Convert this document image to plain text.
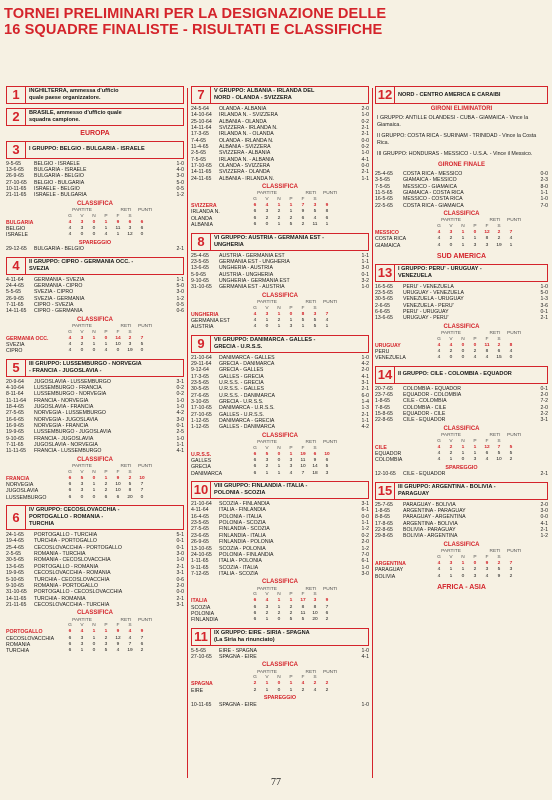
TORNEI PRELIMINARI PER LA DESIGNAZIONE DELLE
16 SQUADRE FINALISTE - RISULTATI E CLASSIFICHE
1	INGHILTERRA, ammessa d'ufficio
quale paese organizzatore.
2	BRASILE, ammesso d'ufficio quale
squadra campione.
EUROPA
3	I GRUPPO: BELGIO - BULGARIA - ISRAELE
9-5-65	BELGIO - ISRAELE	1-0
13-6-65	BULGARIA - ISRAELE	4-0
26-9-65	BULGARIA - BELGIO	3-0
27-10-65	BELGIO - BULGARIA	5-0
10-11-65	ISRAELE - BELGIO	0-5
21-11-65	ISRAELE - BULGARIA	1-2
CLASSIFICA
PARTITE	RETI	PUNTI
G	V	N	P	F	S
BULGARIA	4	3	0	1	9	6	6
BELGIO	4	3	0	1	11	3	6
ISRAELE	4	0	0	4	1	12	0
SPAREGGIO
29-12-65	BULGARIA - BELGIO	2-1
4	II GRUPPO: CIPRO - GERMANIA OCC. -
SVEZIA
4-11-64	GERMANIA - SVEZIA	1-1
24-4-65	GERMANIA - CIPRO	5-0
5-5-65	SVEZIA - CIPRO	3-0
26-9-65	SVEZIA - GERMANIA	1-2
7-11-65	CIPRO - SVEZIA	0-5
14-11-65	CIPRO - GERMANIA	0-6
CLASSIFICA
PARTITE	RETI	PUNTI
G	V	N	P	F	S
GERMANIA OCC.	4	3	1	0	14	2	7
SVEZIA	4	2	1	1	10	3	5
CIPRO	4	0	0	4	0	19	0
5	III GRUPPO: LUSSEMBURGO - NORVEGIA
- FRANCIA - JUGOSLAVIA -
20-9-64	JUGOSLAVIA - LUSSEMBURGO	3-1
4-10-64	LUSSEMBURGO - FRANCIA	0-2
8-11-64	LUSSEMBURGO - NORVEGIA	0-2
11-11-64	FRANCIA - NORVEGIA	1-0
18-4-65	JUGOSLAVIA - FRANCIA	1-0
27-5-65	NORVEGIA - LUSSEMBURGO	4-2
16-6-65	NORVEGIA - JUGOSLAVIA	3-0
16-9-65	NORVEGIA - FRANCIA	0-1
19-9-65	LUSSEMBURGO - JUGOSLAVIA	2-5
9-10-65	FRANCIA - JUGOSLAVIA	1-0
7-11-65	JUGOSLAVIA - NORVEGIA	1-1
11-11-65	FRANCIA - LUSSEMBURGO	4-1
CLASSIFICA
PARTITE	RETI	PUNTI
G	V	N	P	F	S
FRANCIA	6	5	0	1	9	2	10
NORVEGIA	6	3	1	2	10	5	7
JUGOSLAVIA	6	3	1	2	10	8	7
LUSSEMBURGO	6	0	0	6	6	20	0
6	IV GRUPPO: CECOSLOVACCHIA -
PORTOGALLO - ROMANIA -
TURCHIA
24-1-65	PORTOGALLO - TURCHIA	5-1
19-4-65	TURCHIA - PORTOGALLO	0-1
25-4-65	CECOSLOVACCHIA - PORTOGALLO	0-1
2-5-65	ROMANIA - TURCHIA	3-0
30-5-65	ROMANIA - CECOSLOVACCHIA	1-0
13-6-65	PORTOGALLO - ROMANIA	2-1
19-9-65	CECOSLOVACCHIA - ROMANIA	3-1
5-10-65	TURCHIA - CECOSLOVACCHIA	0-6
9-10-65	ROMANIA - PORTOGALLO	2-0
31-10-65	PORTOGALLO - CECOSLOVACCHIA	0-0
14-11-65	TURCHIA - ROMANIA	2-1
21-11-65	CECOSLOVACCHIA - TURCHIA	3-1
CLASSIFICA
PARTITE	RETI	PUNTI
G	V	N	P	F	S
PORTOGALLO	6	4	1	1	9	4	9
CECOSLOVACCHIA	6	3	1	2	12	4	7
ROMANIA	6	3	0	3	9	7	6
TURCHIA	6	1	0	5	4	19	2
7	V GRUPPO: ALBANIA - IRLANDA DEL
NORD - OLANDA - SVIZZERA
24-5-64	OLANDA - ALBANIA	2-0
14-10-64	IRLANDA N. - SVIZZERA	1-0
25-10-64	ALBANIA - OLANDA	0-2
14-11-64	SVIZZERA - IRLANDA N.	2-1
17-3-65	IRLANDA N. - OLANDA	2-1
7-4-65	OLANDA - IRLANDA N.	0-0
11-4-65	ALBANIA - SVIZZERA	0-2
2-5-65	SVIZZERA - ALBANIA	1-0
7-5-65	IRLANDA N. - ALBANIA	4-1
17-10-65	OLANDA - SVIZZERA	0-0
14-11-65	SVIZZERA - OLANDA	2-1
24-11-65	ALBANIA - IRLANDA N.	1-1
CLASSIFICA
PARTITE	RETI	PUNTI
G	V	N	P	F	S
SVIZZERA	6	4	1	1	7	3	9
IRLANDA N.	6	3	2	1	9	5	8
OLANDA	6	2	2	2	6	4	6
ALBANIA	6	0	1	5	2	11	1
8	VI GRUPPO: AUSTRIA - GERMANIA EST -
UNGHERIA
25-4-65	AUSTRIA - GERMANIA EST	1-1
23-5-65	GERMANIA EST - UNGHERIA	1-1
13-6-65	UNGHERIA - AUSTRIA	3-0
5-9-65	AUSTRIA - UNGHERIA	0-1
9-10-65	UNGHERIA - GERMANIA EST	3-2
31-10-65	GERMANIA EST - AUSTRIA	1-0
CLASSIFICA
PARTITE	RETI	PUNTI
G	V	N	P	F	S
UNGHERIA	4	3	1	0	8	3	7
GERMANIA EST	4	1	2	1	5	5	4
AUSTRIA	4	0	1	3	1	5	1
9	VII GRUPPO: DANIMARCA - GALLES -
GRECIA - U.R.S.S.
21-10-64	DANIMARCA - GALLES	1-0
29-11-64	GRECIA - DANIMARCA	4-2
9-12-64	GRECIA - GALLES	2-0
17-3-65	GALLES - GRECIA	4-1
23-5-65	U.R.S.S. - GRECIA	3-1
30-5-65	U.R.S.S. - GALLES	2-1
27-6-65	U.R.S.S. - DANIMARCA	6-0
3-10-65	GRECIA - U.R.S.S.	1-4
17-10-65	DANIMARCA - U.R.S.S.	1-3
27-10-65	GALLES - U.R.S.S.	2-1
1-12-65	DANIMARCA - GRECIA	1-1
1-12-65	GALLES - DANIMARCA	4-2
CLASSIFICA
PARTITE	RETI	PUNTI
G	V	N	P	F	S
U.R.S.S.	6	5	0	1	19	6	10
GALLES	6	3	0	3	11	9	6
GRECIA	6	2	1	3	10	14	5
DANIMARCA	6	1	1	4	7	18	3
10	VIII GRUPPO: FINLANDIA - ITALIA -
POLONIA - SCOZIA
21-10-64	SCOZIA - FINLANDIA	3-1
4-11-64	ITALIA - FINLANDIA	6-1
16-4-65	POLONIA - ITALIA	0-0
23-5-65	POLONIA - SCOZIA	1-1
27-5-65	FINLANDIA - SCOZIA	1-2
23-6-65	FINLANDIA - ITALIA	0-2
26-9-65	FINLANDIA - POLONIA	2-0
13-10-65	SCOZIA - POLONIA	1-2
24-10-65	POLONIA - FINLANDIA	7-0
1-11-65	ITALIA - POLONIA	6-1
9-11-65	SCOZIA - ITALIA	1-0
7-12-65	ITALIA - SCOZIA	3-0
CLASSIFICA
PARTITE	RETI	PUNTI
G	V	N	P	F	S
ITALIA	6	4	1	1	17	3	9
SCOZIA	6	3	1	2	8	8	7
POLONIA	6	2	2	2	11	10	6
FINLANDIA	6	1	0	5	5	20	2
11	IX GRUPPO: EIRE - SIRIA - SPAGNA
(La Siria ha rinunciato)
5-5-65	EIRE - SPAGNA	1-0
27-10-65	SPAGNA - EIRE	4-1
CLASSIFICA
PARTITE	RETI	PUNTI
G	V	N	P	F	S
SPAGNA	2	1	0	1	4	2	2
EIRE	2	1	0	1	2	4	2
SPAREGGIO
10-11-65	SPAGNA - EIRE	1-0
12	NORD - CENTRO AMERICA E CARAIBI
GIRONI ELIMINATORI
I GRUPPO: ANTILLE OLANDESI - CUBA - GIAMAICA - Vince la Giamaica.
II GRUPPO: COSTA RICA - SURINAM - TRINIDAD - Vince la Costa Rica.
III GRUPPO: HONDURAS - MESSICO - U.S.A. - Vince il Messico.
GIRONE FINALE
25-4-65	COSTA RICA - MESSICO	0-0
3-5-65	GIAMAICA - MESSICO	2-3
7-5-65	MESSICO - GIAMAICA	8-0
11-5-65	GIAMAICA - COSTA RICA	1-1
16-5-65	MESSICO - COSTA RICA	1-0
22-5-65	COSTA RICA - GIAMAICA	7-0
CLASSIFICA
PARTITE	RETI	PUNTI
G	V	N	P	F	S
MESSICO	4	3	1	0	12	2	7
COSTA RICA	4	2	1	1	8	2	4
GIAMAICA	4	0	1	3	3	19	1
SUD AMERICA
13	I GRUPPO: PERU' - URUGUAY -
VENEZUELA
16-5-65	PERU' - VENEZUELA	1-0
23-5-65	URUGUAY - VENEZUELA	5-0
30-5-65	VENEZUELA - URUGUAY	1-3
2-6-65	VENEZUELA - PERU'	3-6
6-6-65	PERU' - URUGUAY	0-1
13-6-65	URUGUAY - PERU'	2-1
CLASSIFICA
PARTITE	RETI	PUNTI
G	V	N	P	F	S
URUGUAY	4	4	0	0	11	2	8
PERU	4	2	0	2	8	6	4
VENEZUELA	4	0	0	4	4	15	0
14	II GRUPPO: CILE - COLOMBIA - EQUADOR
20-7-65	COLOMBIA - EQUADOR	0-1
23-7-65	EQUADOR - COLOMBIA	2-0
1-8-65	CILE - COLOMBIA	7-2
7-8-65	COLOMBIA - CILE	2-0
15-8-65	EQUADOR - CILE	2-2
22-8-65	CILE - EQUADOR	3-1
CLASSIFICA
PARTITE	RETI	PUNTI
G	V	N	P	F	S
CILE	4	2	1	1	12	7	5
EQUADOR	4	2	1	1	6	5	5
COLOMBIA	4	1	0	3	4	10	2
SPAREGGIO
12-10-65	CILE - EQUADOR	2-1
15	III GRUPPO: ARGENTINA - BOLIVIA -
PARAGUAY
25-7-65	PARAGUAY - BOLIVIA	2-0
1-8-65	ARGENTINA - PARAGUAY	3-0
8-8-65	PARAGUAY - ARGENTINA	0-0
17-8-65	ARGENTINA - BOLIVIA	4-1
22-8-65	BOLIVIA - PARAGUAY	2-1
29-8-65	BOLIVIA - ARGENTINA	1-2
CLASSIFICA
PARTITE	RETI	PUNTI
G	V	N	P	F	S
ARGENTINA	4	3	1	0	9	2	7
PARAGUAY	4	1	1	2	3	5	3
BOLIVIA	4	1	0	3	4	9	2
AFRICA - ASIA
77
